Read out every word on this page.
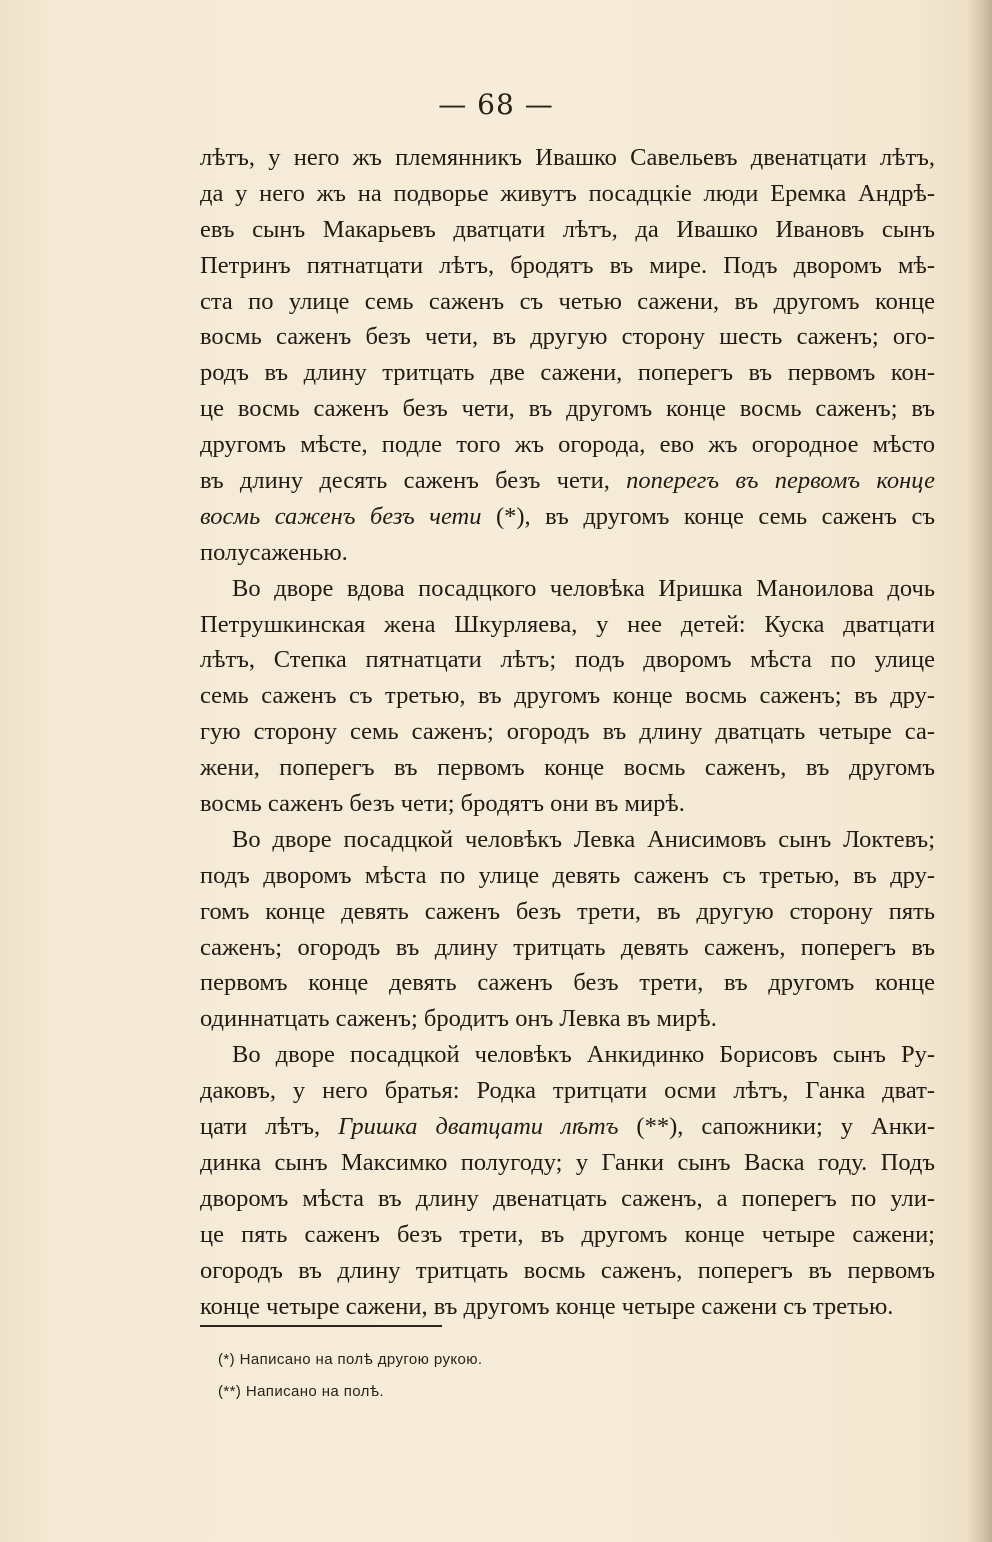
— 68 —
лѣтъ, у него жъ племянникъ Ивашко Савельевъ двенатцати лѣтъ,
да у него жъ на подворье живутъ посадцкіе люди Еремка Андрѣ-
евъ сынъ Макарьевъ дватцати лѣтъ, да Ивашко Ивановъ сынъ
Петринъ пятнатцати лѣтъ, бродятъ въ мире. Подъ дворомъ мѣ-
ста по улице семь саженъ съ четью сажени, въ другомъ конце
восмь саженъ безъ чети, въ другую сторону шесть саженъ; ого-
родъ въ длину тритцать две сажени, поперегъ въ первомъ кон-
це восмь саженъ безъ чети, въ другомъ конце восмь саженъ; въ
другомъ мѣсте, подле того жъ огорода, ево жъ огородное мѣсто
въ длину десять саженъ безъ чети, поперегъ въ первомъ конце
восмь саженъ безъ чети (*), въ другомъ конце семь саженъ съ
полусаженью.
Во дворе вдова посадцкого человѣка Иришка Маноилова дочь
Петрушкинская жена Шкурляева, у нее детей: Куска дватцати
лѣтъ, Степка пятнатцати лѣтъ; подъ дворомъ мѣста по улице
семь саженъ съ третью, въ другомъ конце восмь саженъ; въ дру-
гую сторону семь саженъ; огородъ въ длину дватцать четыре са-
жени, поперегъ въ первомъ конце восмь саженъ, въ другомъ
восмь саженъ безъ чети; бродятъ они въ мирѣ.
Во дворе посадцкой человѣкъ Левка Анисимовъ сынъ Локтевъ;
подъ дворомъ мѣста по улице девять саженъ съ третью, въ дру-
гомъ конце девять саженъ безъ трети, въ другую сторону пять
саженъ; огородъ въ длину тритцать девять саженъ, поперегъ въ
первомъ конце девять саженъ безъ трети, въ другомъ конце
одиннатцать саженъ; бродитъ онъ Левка въ мирѣ.
Во дворе посадцкой человѣкъ Анкидинко Борисовъ сынъ Ру-
даковъ, у него братья: Родка тритцати осми лѣтъ, Ганка дват-
цати лѣтъ, Гришка дватцати лѣтъ (**), сапожники; у Анки-
динка сынъ Максимко полугоду; у Ганки сынъ Васка году. Подъ
дворомъ мѣста въ длину двенатцать саженъ, а поперегъ по ули-
це пять саженъ безъ трети, въ другомъ конце четыре сажени;
огородъ въ длину тритцать восмь саженъ, поперегъ въ первомъ
конце четыре сажени, въ другомъ конце четыре сажени съ третью.
(*) Написано на полѣ другою рукою.
(**) Написано на полѣ.
